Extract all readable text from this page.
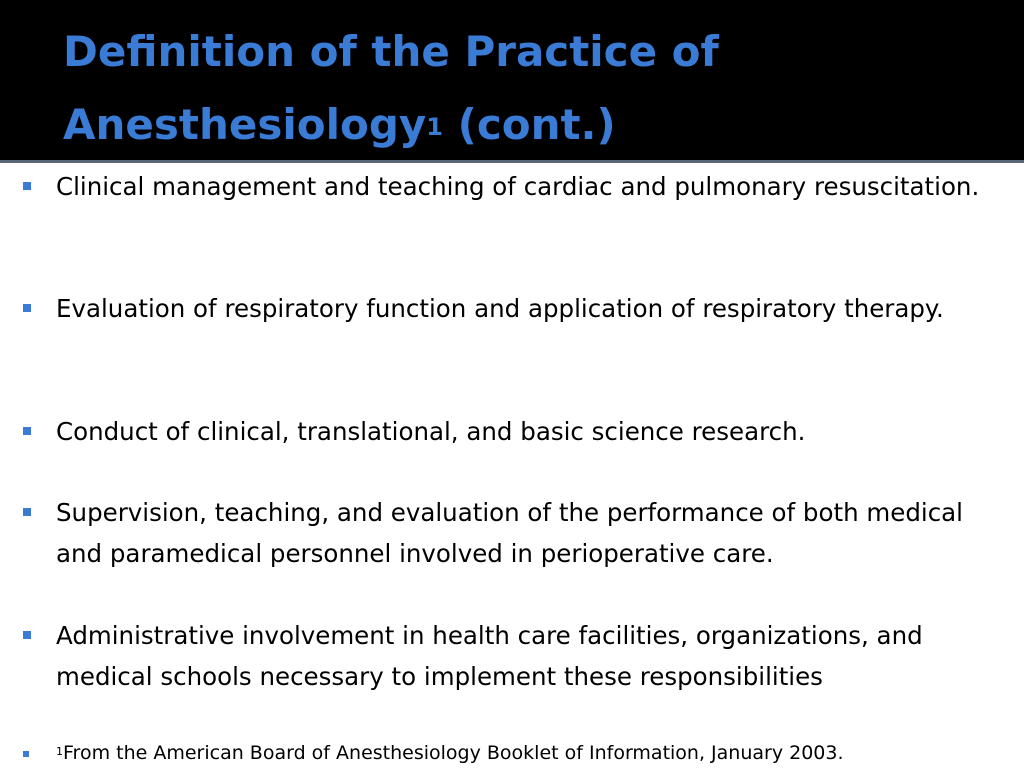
Definition of the Practice of
Anesthesiology$^1$ (cont.)
Clinical management and teaching of cardiac and pulmonary resuscitation.
Evaluation of respiratory function and application of respiratory therapy.
Conduct of clinical, translational, and basic science research.
Supervision, teaching, and evaluation of the performance of both medical and paramedical personnel involved in perioperative care.
Administrative involvement in health care facilities, organizations, and medical schools necessary to implement these responsibilities
$^1$From the American Board of Anesthesiology Booklet of Information, January 2003.
